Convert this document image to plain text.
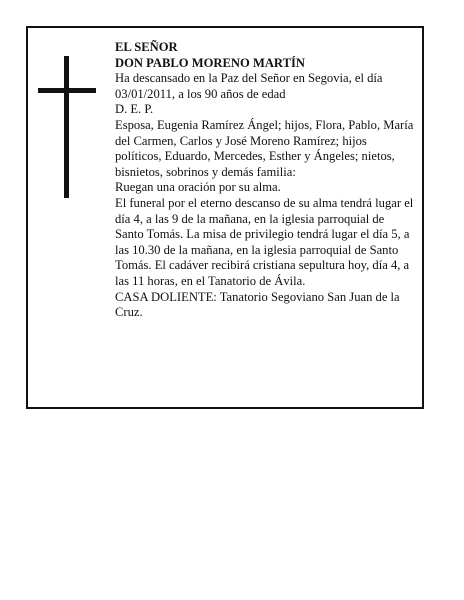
EL SEÑOR

DON PABLO MORENO MARTÍN

Ha descansado en la Paz del Señor en Segovia, el día 03/01/2011, a los 90 años de edad

D. E. P.

Esposa, Eugenia Ramírez Ángel; hijos, Flora, Pablo, María del Carmen, Carlos y José Moreno Ramírez; hijos políticos, Eduardo, Mercedes, Esther y Ángeles; nietos, bisnietos, sobrinos y demás familia:

Ruegan una oración por su alma.

El funeral por el eterno descanso de su alma tendrá lugar el día 4, a las 9 de la mañana, en la iglesia parroquial de Santo Tomás. La misa de privilegio tendrá lugar el día 5, a las 10.30 de la mañana, en la iglesia parroquial de Santo Tomás. El cadáver recibirá cristiana sepultura hoy, día 4, a las 11 horas, en el Tanatorio de Ávila.

CASA DOLIENTE: Tanatorio Segoviano San Juan de la Cruz.
